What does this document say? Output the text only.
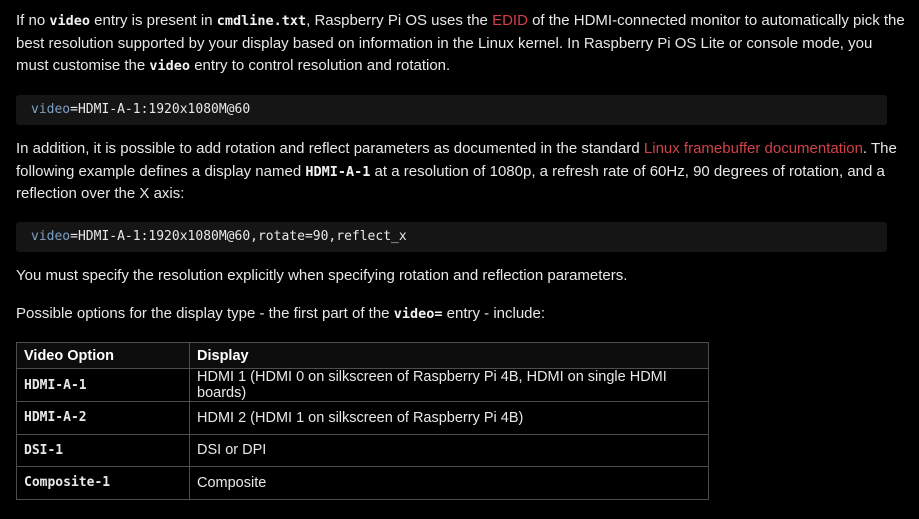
If no video entry is present in cmdline.txt, Raspberry Pi OS uses the EDID of the HDMI-connected monitor to automatically pick the best resolution supported by your display based on information in the Linux kernel. In Raspberry Pi OS Lite or console mode, you must customise the video entry to control resolution and rotation.

video=HDMI-A-1:1920x1080M@60

In addition, it is possible to add rotation and reflect parameters as documented in the standard Linux framebuffer documentation. The following example defines a display named HDMI-A-1 at a resolution of 1080p, a refresh rate of 60Hz, 90 degrees of rotation, and a reflection over the X axis:

video=HDMI-A-1:1920x1080M@60,rotate=90,reflect_x

You must specify the resolution explicitly when specifying rotation and reflection parameters.

Possible options for the display type - the first part of the video= entry - include:

Video Option	Display
HDMI-A-1	HDMI 1 (HDMI 0 on silkscreen of Raspberry Pi 4B, HDMI on single HDMI boards)
HDMI-A-2	HDMI 2 (HDMI 1 on silkscreen of Raspberry Pi 4B)
DSI-1	DSI or DPI
Composite-1	Composite
